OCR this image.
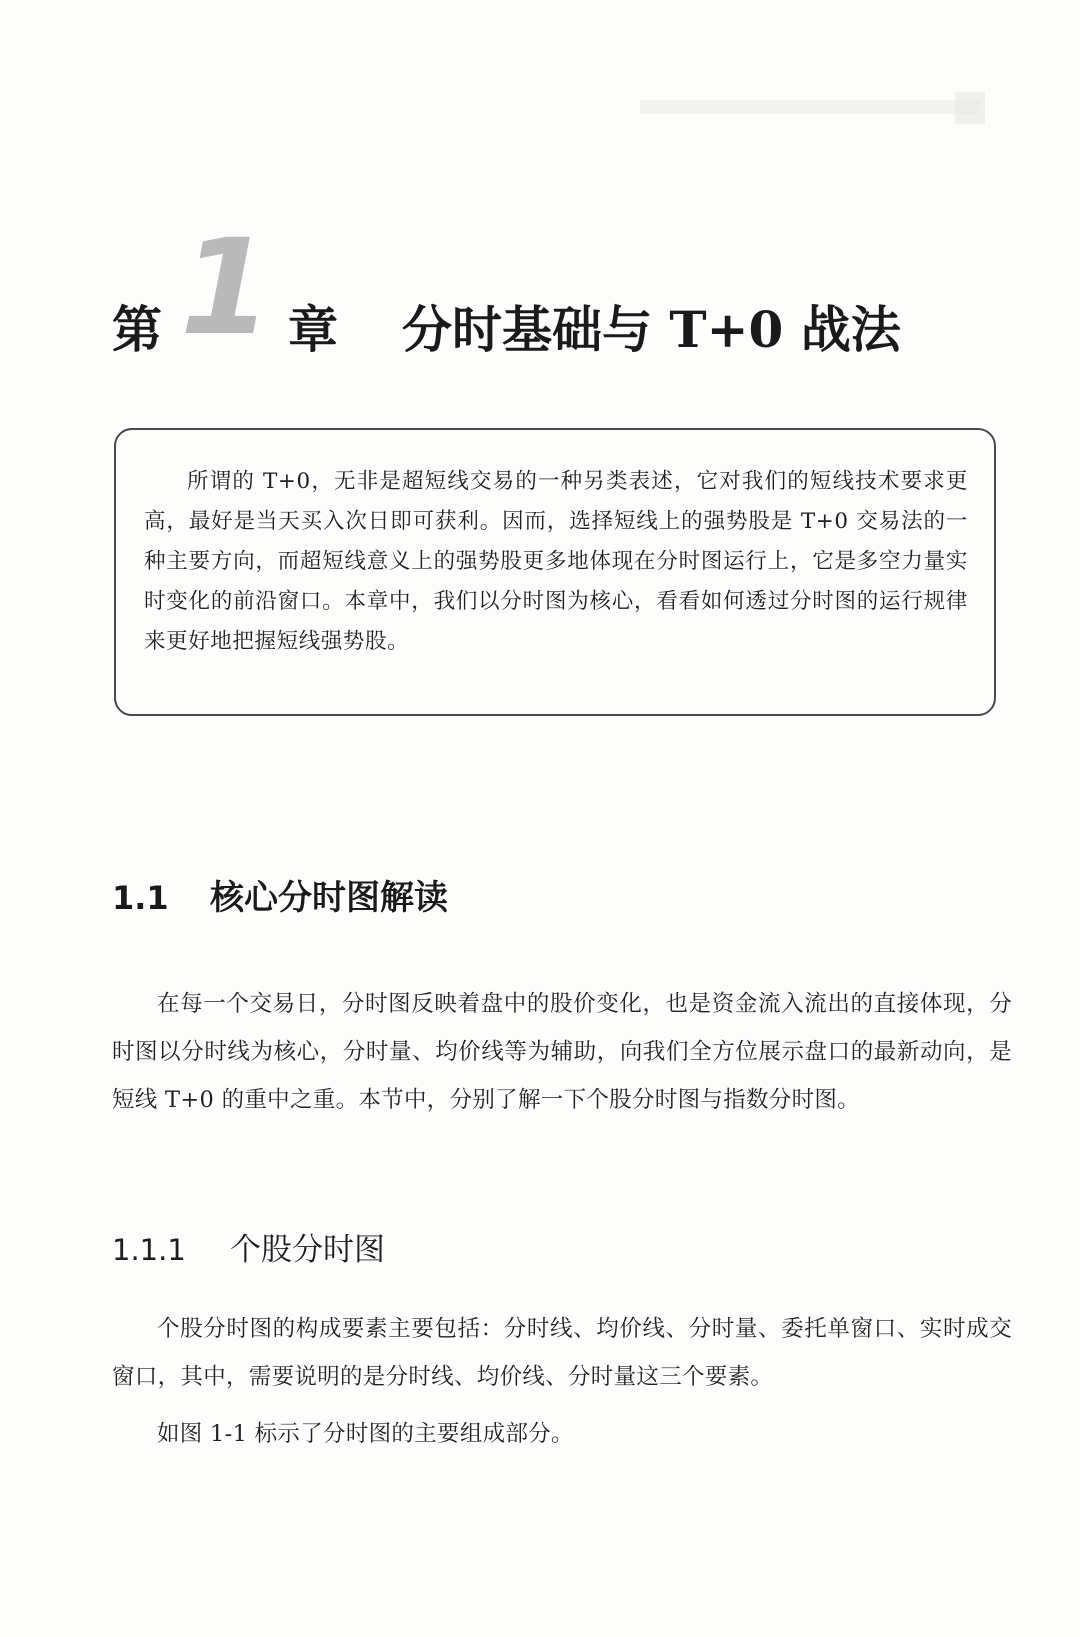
第 1 章 分时基础与 T+0 战法

所谓的 T+0，无非是超短线交易的一种另类表述，它对我们的短线技术要求更高，最好是当天买入次日即可获利。因而，选择短线上的强势股是 T+0 交易法的一种主要方向，而超短线意义上的强势股更多地体现在分时图运行上，它是多空力量实时变化的前沿窗口。本章中，我们以分时图为核心，看看如何透过分时图的运行规律来更好地把握短线强势股。

1.1 核心分时图解读

在每一个交易日，分时图反映着盘中的股价变化，也是资金流入流出的直接体现，分时图以分时线为核心，分时量、均价线等为辅助，向我们全方位展示盘口的最新动向，是短线 T+0 的重中之重。本节中，分别了解一下个股分时图与指数分时图。

1.1.1 个股分时图

个股分时图的构成要素主要包括：分时线、均价线、分时量、委托单窗口、实时成交窗口，其中，需要说明的是分时线、均价线、分时量这三个要素。

如图 1-1 标示了分时图的主要组成部分。
